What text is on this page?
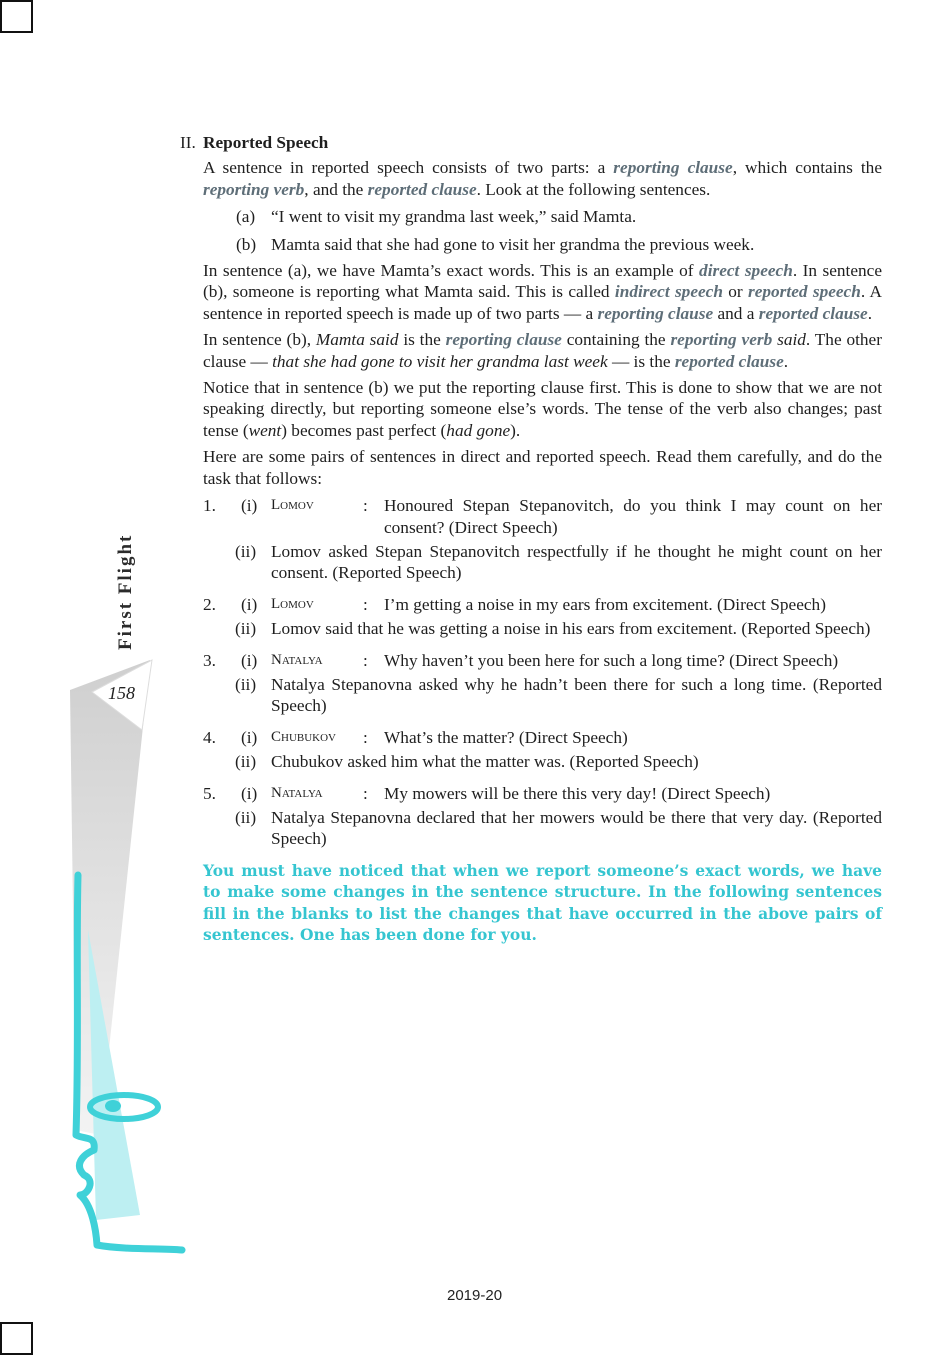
First Flight
158
II. Reported Speech

A sentence in reported speech consists of two parts: a reporting clause, which contains the reporting verb, and the reported clause. Look at the following sentences.

(a) “I went to visit my grandma last week,” said Mamta.
(b) Mamta said that she had gone to visit her grandma the previous week.

In sentence (a), we have Mamta’s exact words. This is an example of direct speech. In sentence (b), someone is reporting what Mamta said. This is called indirect speech or reported speech. A sentence in reported speech is made up of two parts — a reporting clause and a reported clause.

In sentence (b), Mamta said is the reporting clause containing the reporting verb said. The other clause — that she had gone to visit her grandma last week — is the reported clause.

Notice that in sentence (b) we put the reporting clause first. This is done to show that we are not speaking directly, but reporting someone else’s words. The tense of the verb also changes; past tense (went) becomes past perfect (had gone).

Here are some pairs of sentences in direct and reported speech. Read them carefully, and do the task that follows:

1.	(i) Lomov	: Honoured Stepan Stepanovitch, do you think I may count on her consent? (Direct Speech)
(ii) Lomov asked Stepan Stepanovitch respectfully if he thought he might count on her consent. (Reported Speech)
2.	(i) Lomov	: I’m getting a noise in my ears from excitement. (Direct Speech)
(ii) Lomov said that he was getting a noise in his ears from excitement. (Reported Speech)
3.	(i) Natalya	: Why haven’t you been here for such a long time? (Direct Speech)
(ii) Natalya Stepanovna asked why he hadn’t been there for such a long time. (Reported Speech)
4.	(i) Chubukov	: What’s the matter? (Direct Speech)
(ii) Chubukov asked him what the matter was. (Reported Speech)
5.	(i) Natalya	: My mowers will be there this very day! (Direct Speech)
(ii) Natalya Stepanovna declared that her mowers would be there that very day. (Reported Speech)

You must have noticed that when we report someone’s exact words, we have to make some changes in the sentence structure. In the following sentences fill in the blanks to list the changes that have occurred in the above pairs of sentences. One has been done for you.

2019-20
